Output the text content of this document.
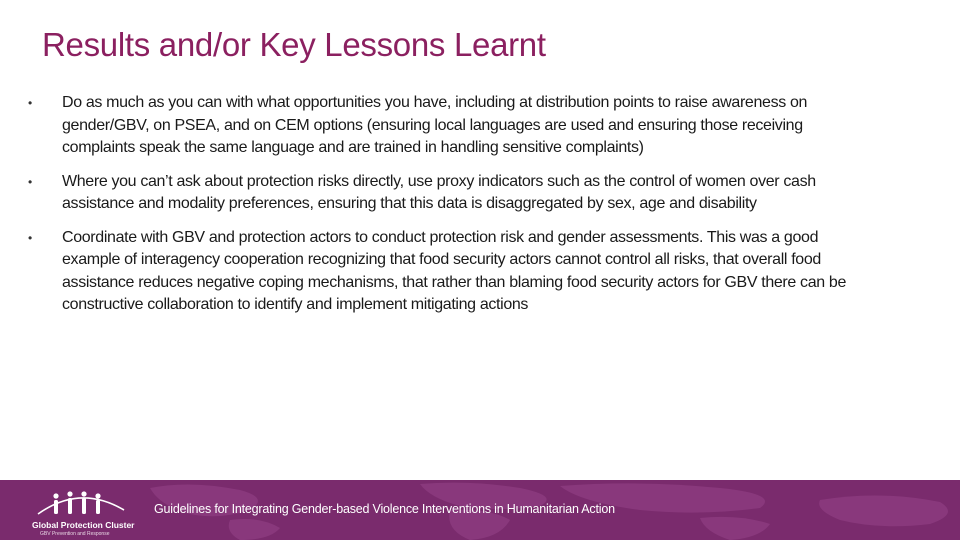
Results and/or Key Lessons Learnt
• Do as much as you can with what opportunities you have, including at distribution points to raise awareness on gender/GBV, on PSEA, and on CEM options (ensuring local languages are used and ensuring those receiving complaints speak the same language and are trained in handling sensitive complaints)
• Where you can’t ask about protection risks directly, use proxy indicators such as the control of women over cash assistance and modality preferences, ensuring that this data is disaggregated by sex, age and disability
• Coordinate with GBV and protection actors to conduct protection risk and gender assessments. This was a good example of interagency cooperation recognizing that food security actors cannot control all risks, that overall food assistance reduces negative coping mechanisms, that rather than blaming food security actors for GBV there can be constructive collaboration to identify and implement mitigating actions
Global Protection Cluster
GBV Prevention and Response
Guidelines for Integrating Gender-based Violence Interventions in Humanitarian Action
